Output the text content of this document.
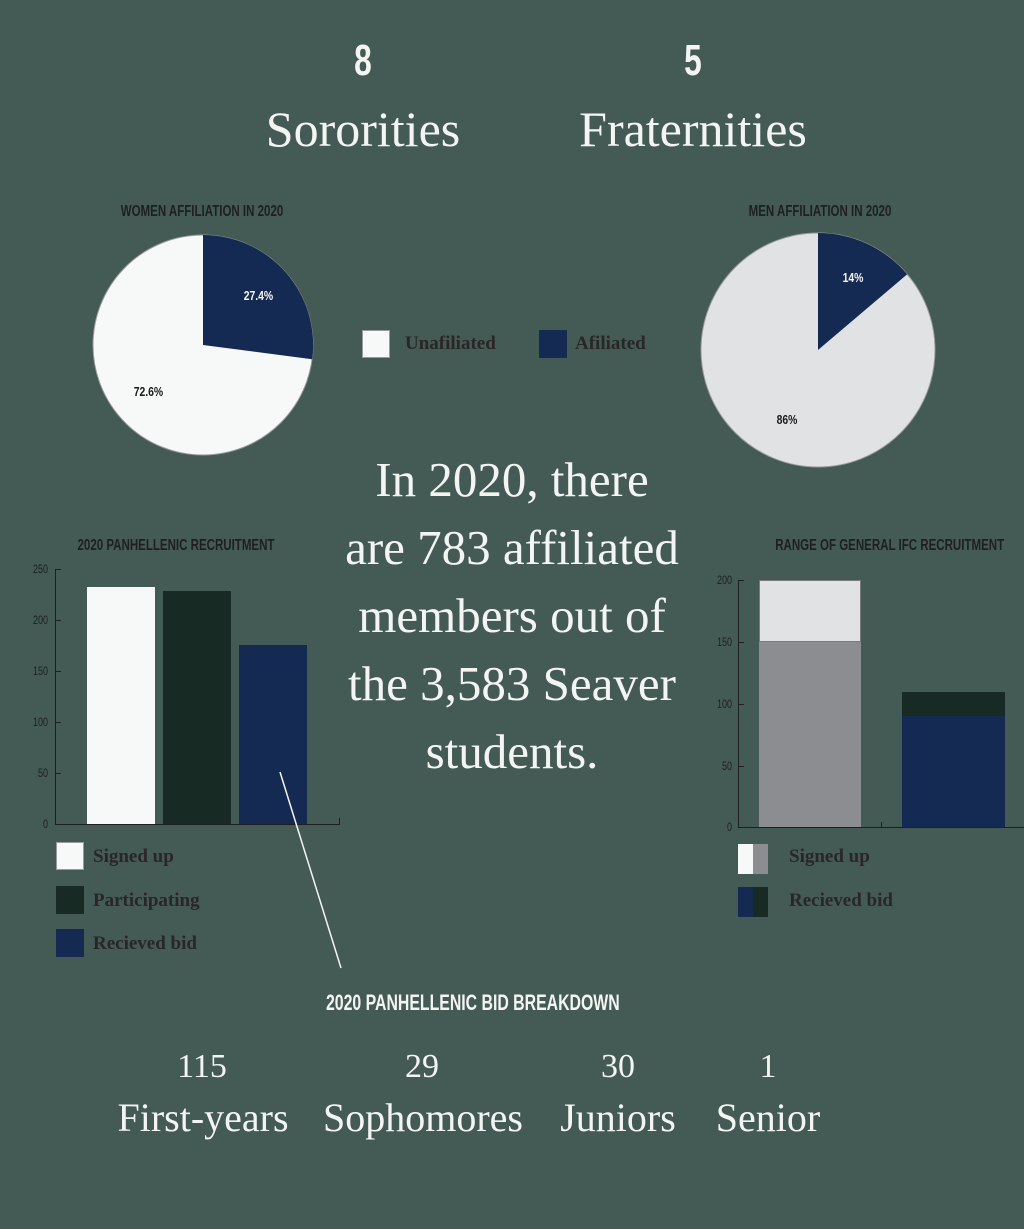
8
Sororities
5
Fraternities
WOMEN AFFILIATION IN 2020
27.4%
72.6%
Unafiliated	Afiliated
MEN AFFILIATION IN 2020
14%
86%
In 2020, there
are 783 affiliated
members out of
the 3,583 Seaver
students.
2020 PANHELLENIC RECRUITMENT
250
200
150
100
50
0
Signed up
Participating
Recieved bid
RANGE OF GENERAL IFC RECRUITMENT
200
150
100
50
0
Signed up
Recieved bid
2020 PANHELLENIC BID BREAKDOWN
115
First-years
29
Sophomores
30
Juniors
1
Senior
